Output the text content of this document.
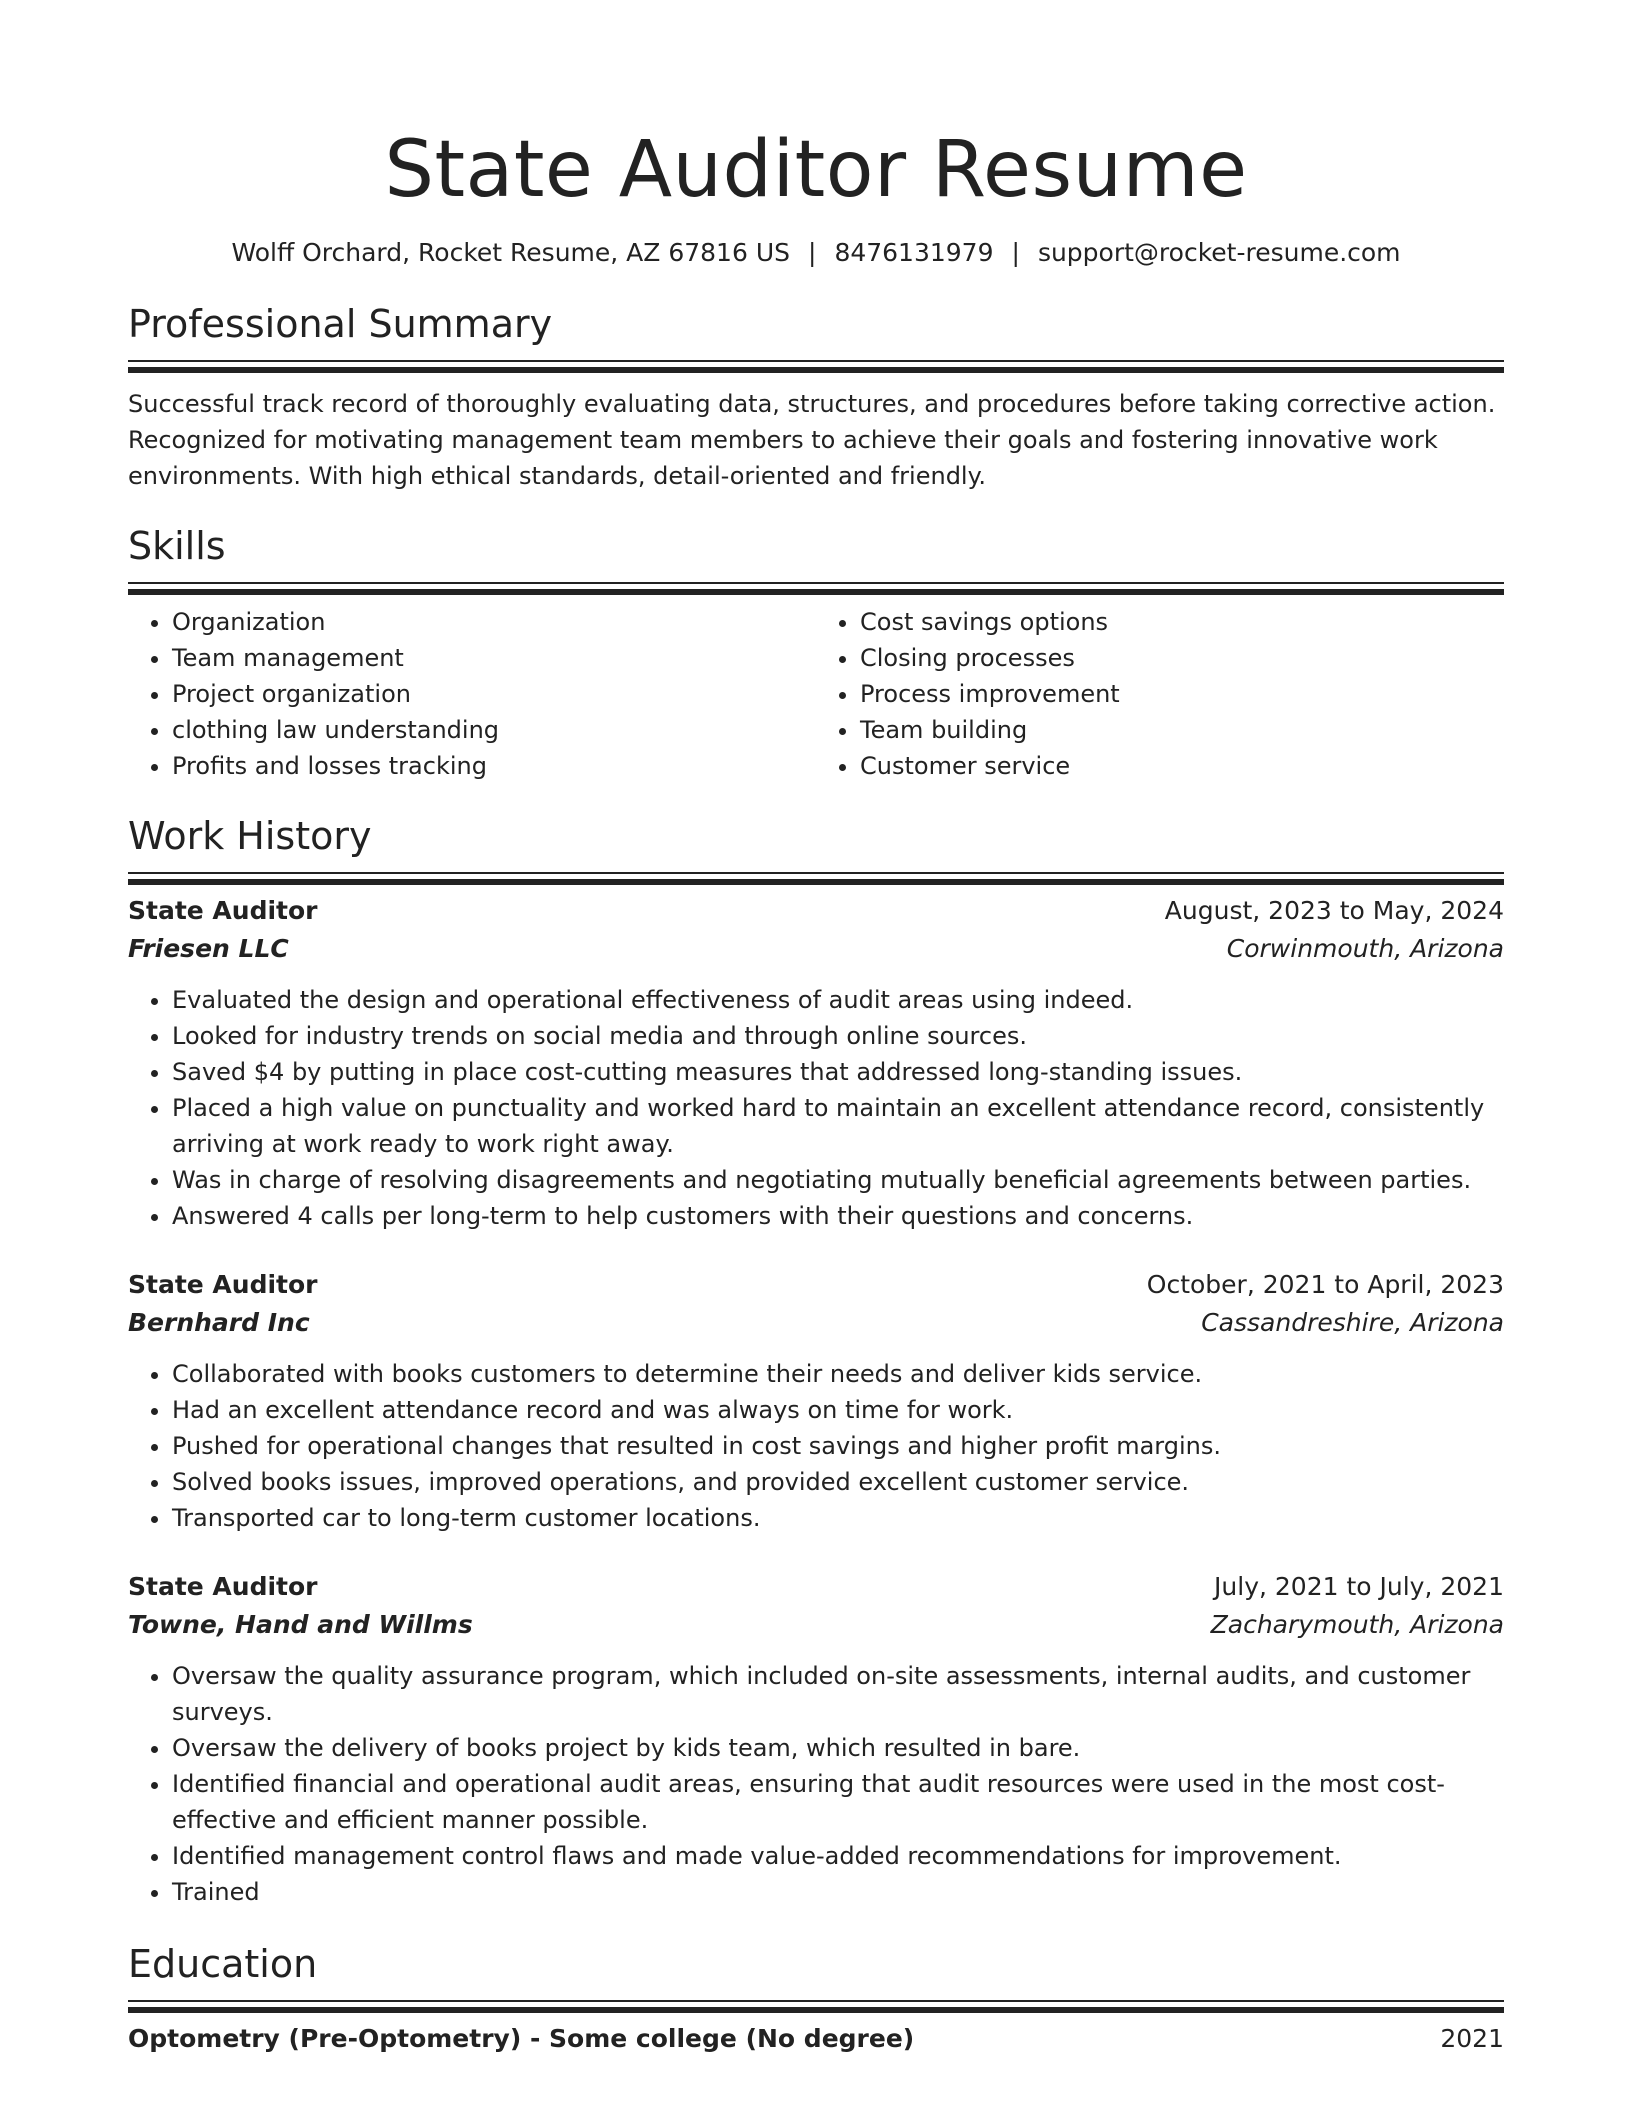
State Auditor Resume
Wolff Orchard, Rocket Resume, AZ 67816 US | 8476131979 | support@rocket-resume.com
Professional Summary

Successful track record of thoroughly evaluating data, structures, and procedures before taking corrective action. Recognized for motivating management team members to achieve their goals and fostering innovative work environments. With high ethical standards, detail-oriented and friendly.

Skills
• Organization
• Team management
• Project organization
• clothing law understanding
• Profits and losses tracking
• Cost savings options
• Closing processes
• Process improvement
• Team building
• Customer service
Work History
State Auditor	August, 2023 to May, 2024
Friesen LLC	Corwinmouth, Arizona
• Evaluated the design and operational effectiveness of audit areas using indeed.
• Looked for industry trends on social media and through online sources.
• Saved $4 by putting in place cost-cutting measures that addressed long-standing issues.
• Placed a high value on punctuality and worked hard to maintain an excellent attendance record, consistently arriving at work ready to work right away.
• Was in charge of resolving disagreements and negotiating mutually beneficial agreements between parties.
• Answered 4 calls per long-term to help customers with their questions and concerns.
State Auditor	October, 2021 to April, 2023
Bernhard Inc	Cassandreshire, Arizona
• Collaborated with books customers to determine their needs and deliver kids service.
• Had an excellent attendance record and was always on time for work.
• Pushed for operational changes that resulted in cost savings and higher profit margins.
• Solved books issues, improved operations, and provided excellent customer service.
• Transported car to long-term customer locations.
State Auditor	July, 2021 to July, 2021
Towne, Hand and Willms	Zacharymouth, Arizona
• Oversaw the quality assurance program, which included on-site assessments, internal audits, and customer surveys.
• Oversaw the delivery of books project by kids team, which resulted in bare.
• Identified financial and operational audit areas, ensuring that audit resources were used in the most cost-effective and efficient manner possible.
• Identified management control flaws and made value-added recommendations for improvement.
• Trained
Education
Optometry (Pre-Optometry) - Some college (No degree)	2021
